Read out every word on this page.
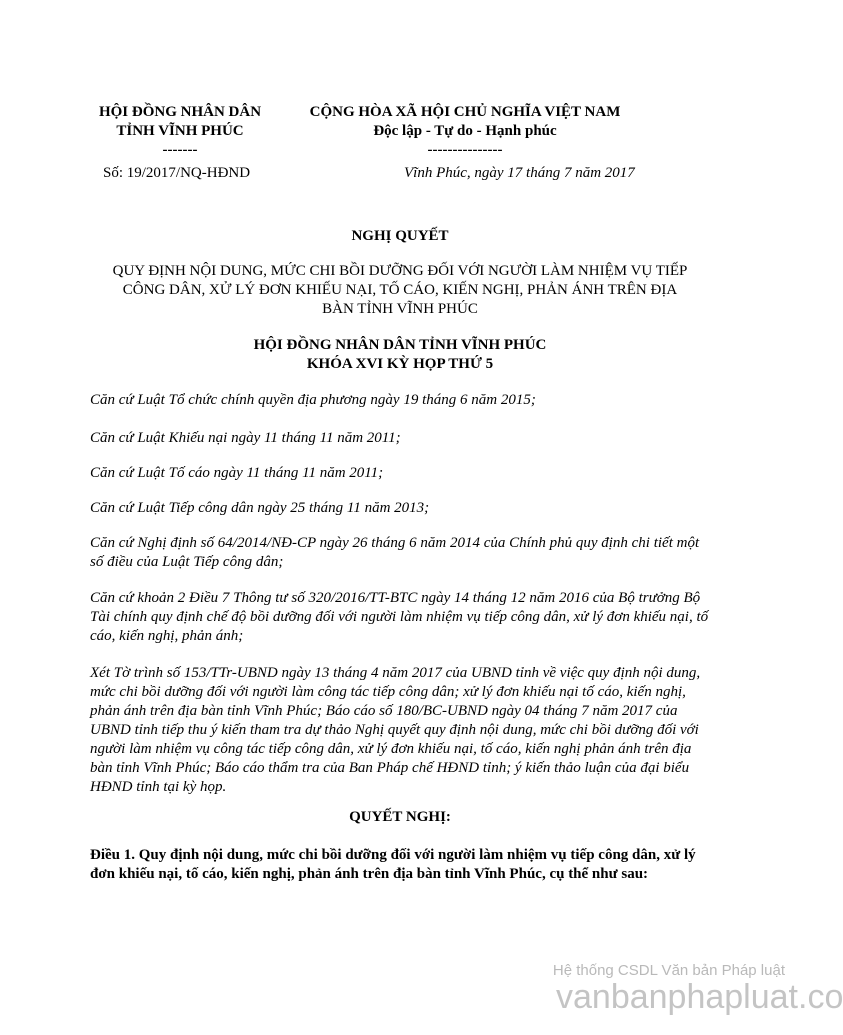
HỘI ĐỒNG NHÂN DÂN
TỈNH VĨNH PHÚC
-------
CỘNG HÒA XÃ HỘI CHỦ NGHĨA VIỆT NAM
Độc lập - Tự do - Hạnh phúc
---------------
Số: 19/2017/NQ-HĐND	Vĩnh Phúc, ngày 17 tháng 7 năm 2017
NGHỊ QUYẾT
QUY ĐỊNH NỘI DUNG, MỨC CHI BỒI DƯỠNG ĐỐI VỚI NGƯỜI LÀM NHIỆM VỤ TIẾP
CÔNG DÂN, XỬ LÝ ĐƠN KHIẾU NẠI, TỐ CÁO, KIẾN NGHỊ, PHẢN ÁNH TRÊN ĐỊA
BÀN TỈNH VĨNH PHÚC
HỘI ĐỒNG NHÂN DÂN TỈNH VĨNH PHÚC
KHÓA XVI KỲ HỌP THỨ 5

Căn cứ Luật Tổ chức chính quyền địa phương ngày 19 tháng 6 năm 2015;

Căn cứ Luật Khiếu nại ngày 11 tháng 11 năm 2011;

Căn cứ Luật Tố cáo ngày 11 tháng 11 năm 2011;

Căn cứ Luật Tiếp công dân ngày 25 tháng 11 năm 2013;

Căn cứ Nghị định số 64/2014/NĐ-CP ngày 26 tháng 6 năm 2014 của Chính phủ quy định chi tiết một số điều của Luật Tiếp công dân;

Căn cứ khoản 2 Điều 7 Thông tư số 320/2016/TT-BTC ngày 14 tháng 12 năm 2016 của Bộ trưởng Bộ Tài chính quy định chế độ bồi dưỡng đối với người làm nhiệm vụ tiếp công dân, xử lý đơn khiếu nại, tố cáo, kiến nghị, phản ánh;

Xét Tờ trình số 153/TTr-UBND ngày 13 tháng 4 năm 2017 của UBND tỉnh về việc quy định nội dung, mức chi bồi dưỡng đối với người làm công tác tiếp công dân; xử lý đơn khiếu nại tố cáo, kiến nghị, phản ánh trên địa bàn tỉnh Vĩnh Phúc; Báo cáo số 180/BC-UBND ngày 04 tháng 7 năm 2017 của UBND tỉnh tiếp thu ý kiến tham tra dự thảo Nghị quyết quy định nội dung, mức chi bồi dưỡng đối với người làm nhiệm vụ công tác tiếp công dân, xử lý đơn khiếu nại, tố cáo, kiến nghị phản ánh trên địa bàn tỉnh Vĩnh Phúc; Báo cáo thẩm tra của Ban Pháp chế HĐND tỉnh; ý kiến thảo luận của đại biểu HĐND tỉnh tại kỳ họp.

QUYẾT NGHỊ:

Điều 1. Quy định nội dung, mức chi bồi dưỡng đối với người làm nhiệm vụ tiếp công dân, xử lý đơn khiếu nại, tố cáo, kiến nghị, phản ánh trên địa bàn tỉnh Vĩnh Phúc, cụ thể như sau:

Hệ thống CSDL Văn bản Pháp luật
vanbanphapluat.co
